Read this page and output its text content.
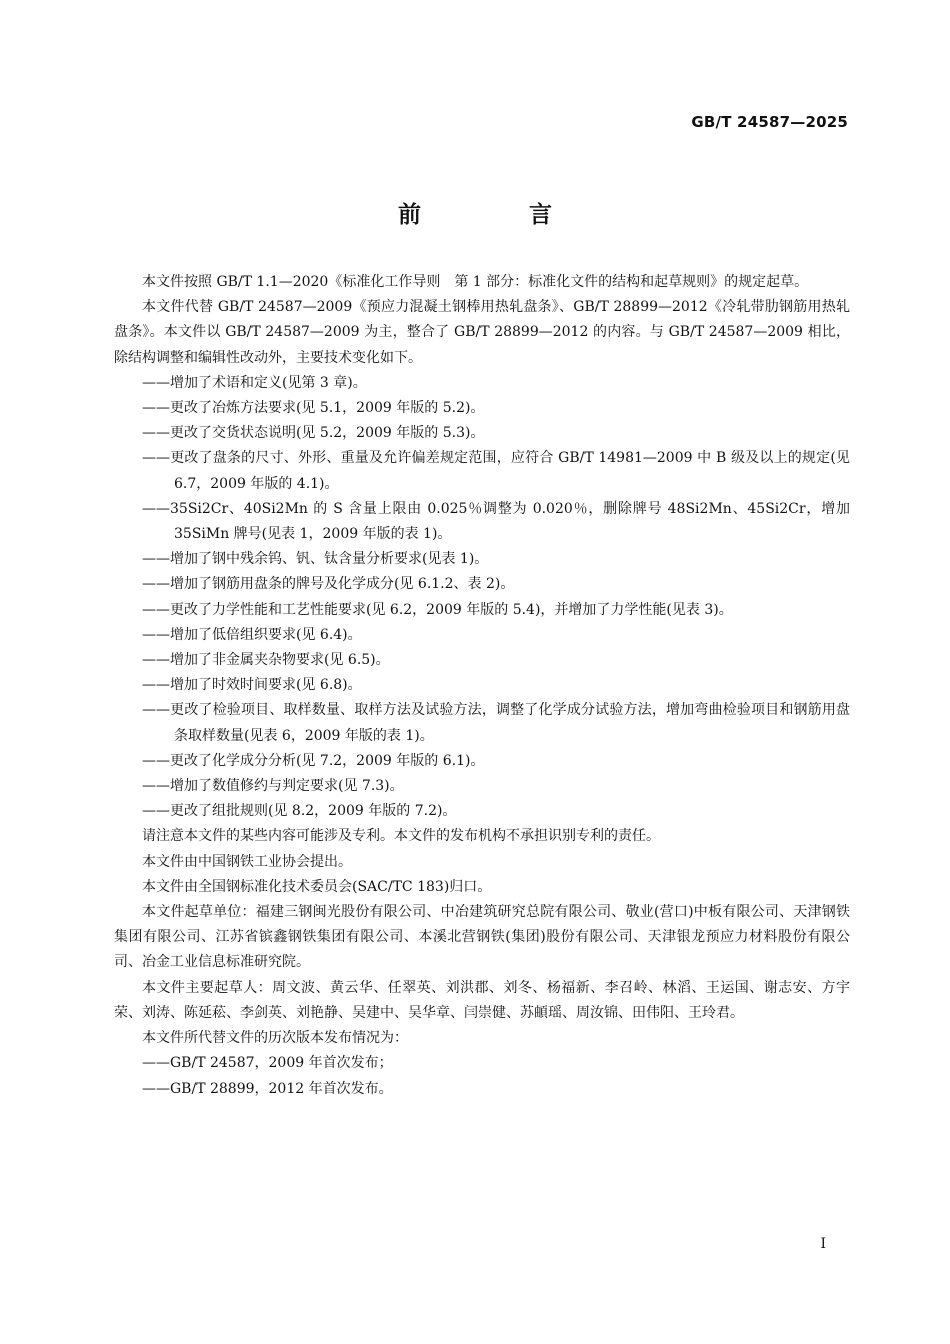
GB/T 24587—2025
前 言

本文件按照 GB/T 1.1—2020《标准化工作导则　第 1 部分：标准化文件的结构和起草规则》的规定起草。

本文件代替 GB/T 24587—2009《预应力混凝土钢棒用热轧盘条》、GB/T 28899—2012《冷轧带肋钢筋用热轧盘条》。本文件以 GB/T 24587—2009 为主，整合了 GB/T 28899—2012 的内容。与 GB/T 24587—2009 相比，除结构调整和编辑性改动外，主要技术变化如下。

——增加了术语和定义(见第 3 章)。

——更改了冶炼方法要求(见 5.1，2009 年版的 5.2)。

——更改了交货状态说明(见 5.2，2009 年版的 5.3)。

——更改了盘条的尺寸、外形、重量及允许偏差规定范围，应符合 GB/T 14981—2009 中 B 级及以上的规定(见 6.7，2009 年版的 4.1)。

——35Si2Cr、40Si2Mn 的 S 含量上限由 0.025％调整为 0.020％，删除牌号 48Si2Mn、45Si2Cr，增加 35SiMn 牌号(见表 1，2009 年版的表 1)。

——增加了钢中残余钨、钒、钛含量分析要求(见表 1)。

——增加了钢筋用盘条的牌号及化学成分(见 6.1.2、表 2)。

——更改了力学性能和工艺性能要求(见 6.2，2009 年版的 5.4)，并增加了力学性能(见表 3)。

——增加了低倍组织要求(见 6.4)。

——增加了非金属夹杂物要求(见 6.5)。

——增加了时效时间要求(见 6.8)。

——更改了检验项目、取样数量、取样方法及试验方法，调整了化学成分试验方法，增加弯曲检验项目和钢筋用盘条取样数量(见表 6，2009 年版的表 1)。

——更改了化学成分分析(见 7.2，2009 年版的 6.1)。

——增加了数值修约与判定要求(见 7.3)。

——更改了组批规则(见 8.2，2009 年版的 7.2)。

请注意本文件的某些内容可能涉及专利。本文件的发布机构不承担识别专利的责任。

本文件由中国钢铁工业协会提出。

本文件由全国钢标准化技术委员会(SAC/TC 183)归口。

本文件起草单位：福建三钢闽光股份有限公司、中冶建筑研究总院有限公司、敬业(营口)中板有限公司、天津钢铁集团有限公司、江苏省镔鑫钢铁集团有限公司、本溪北营钢铁(集团)股份有限公司、天津银龙预应力材料股份有限公司、冶金工业信息标准研究院。

本文件主要起草人：周文波、黄云华、任翠英、刘洪郡、刘冬、杨福新、李召岭、林滔、王运国、谢志安、方宇荣、刘涛、陈延菘、李剑英、刘艳静、吴建中、吴华章、闫崇健、苏頔瑶、周汝锦、田伟阳、王玲君。

本文件所代替文件的历次版本发布情况为：

——GB/T 24587，2009 年首次发布；

——GB/T 28899，2012 年首次发布。

I
